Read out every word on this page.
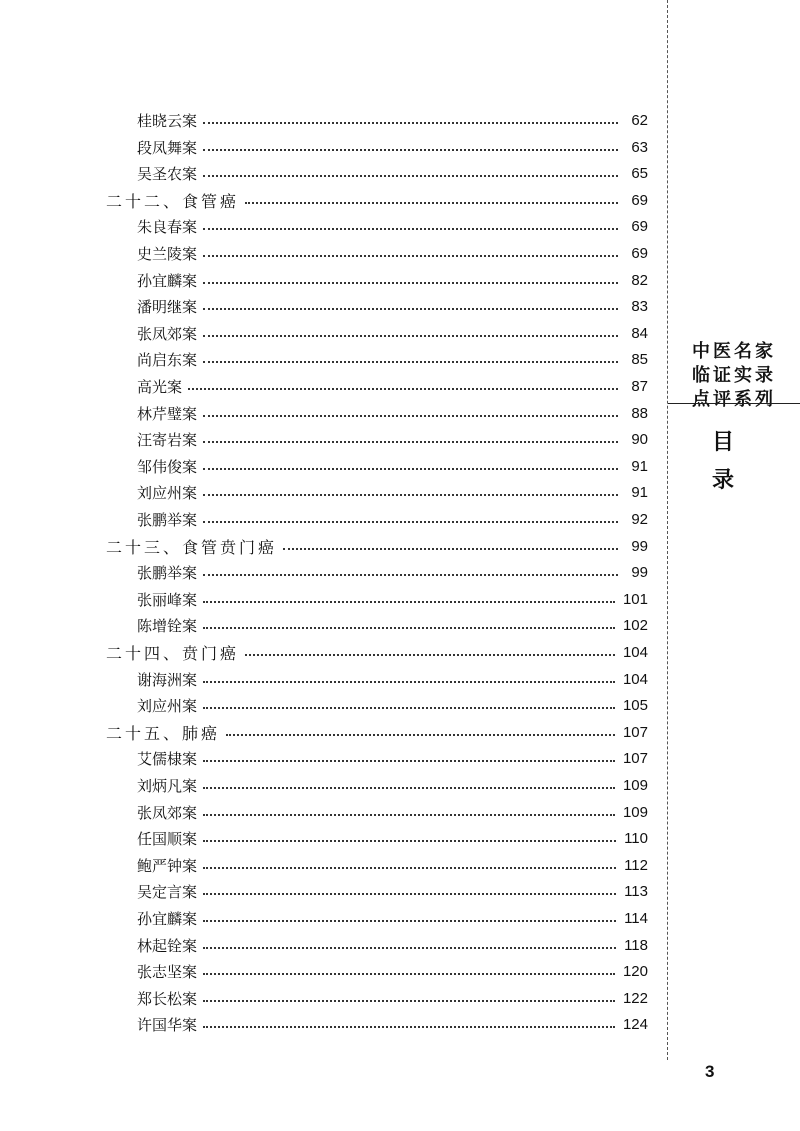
桂晓云案	62
段凤舞案	63
吴圣农案	65
二十二、食管癌	69
朱良春案	69
史兰陵案	69
孙宜麟案	82
潘明继案	83
张凤郊案	84
尚启东案	85
高光案	87
林芹璧案	88
汪寄岩案	90
邹伟俊案	91
刘应州案	91
张鹏举案	92
二十三、食管贲门癌	99
张鹏举案	99
张丽峰案	101
陈增铨案	102
二十四、贲门癌	104
谢海洲案	104
刘应州案	105
二十五、肺癌	107
艾儒棣案	107
刘炳凡案	109
张凤郊案	109
任国顺案	110
鲍严钟案	112
吴定言案	113
孙宜麟案	114
林起铨案	118
张志坚案	120
郑长松案	122
许国华案	124
中医名家
临证实录
点评系列
目
录
3
